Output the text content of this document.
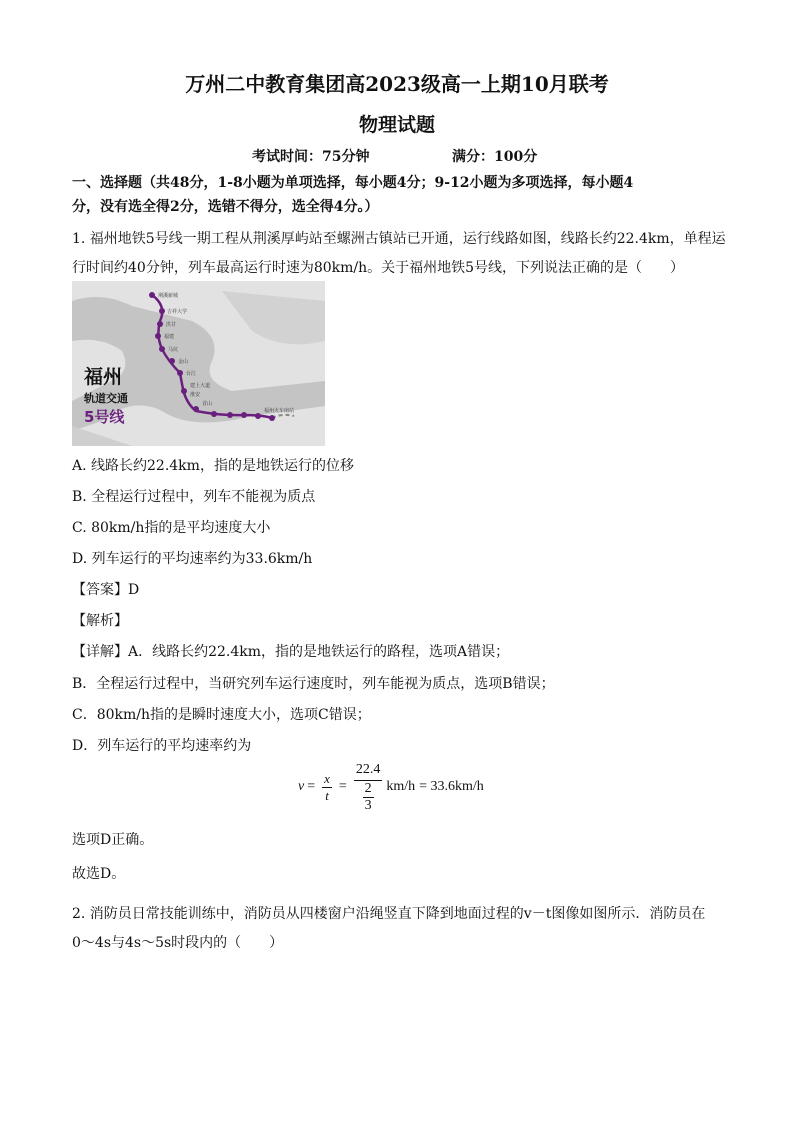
万州二中教育集团高2023级高一上期10月联考
物理试题
考试时间：75分钟	满分：100分
一、选择题（共48分，1-8小题为单项选择，每小题4分；9-12小题为多项选择，每小题4
分，没有选全得2分，选错不得分，选全得4分。）
1. 福州地铁5号线一期工程从荆溪厚屿站至螺洲古镇站已开通，运行线路如图，线路长约22.4km，单程运
行时间约40分钟，列车最高运行时速为80km/h。关于福州地铁5号线，下列说法正确的是（　　）
荆溪新城
吉祥大学
洪甘
福建
马坑
金山
台江
建上大道
淮安
首山
福州火车南站
福州
轨道交通
5号线
A. 线路长约22.4km，指的是地铁运行的位移
B. 全程运行过程中，列车不能视为质点
C. 80km/h指的是平均速度大小
D. 列车运行的平均速率约为33.6km/h
【答案】D
【解析】
【详解】A．线路长约22.4km，指的是地铁运行的路程，选项A错误；
B．全程运行过程中，当研究列车运行速度时，列车能视为质点，选项B错误；
C．80km/h指的是瞬时速度大小，选项C错误；
D．列车运行的平均速率约为
$v = \frac{x}{t} = \frac{22.4}{\frac{2}{3}} km/h = 33.6km/h$
选项D正确。
故选D。
2. 消防员日常技能训练中，消防员从四楼窗户沿绳竖直下降到地面过程的v－t图像如图所示．消防员在
0～4s与4s～5s时段内的（　　）
